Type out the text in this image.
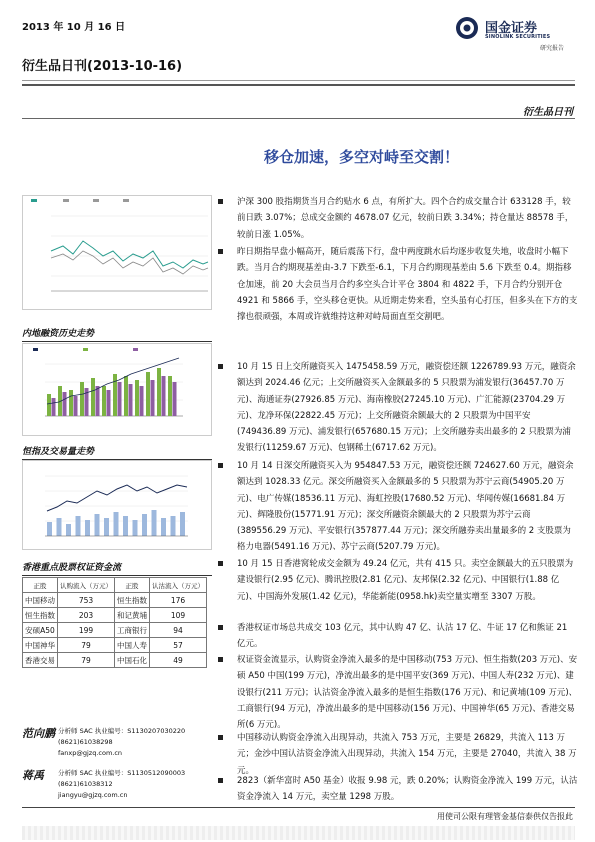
2013 年 10 月 16 日
衍生品日刊(2013-10-16)
国金证券
SINOLINK SECURITIES
研究报告
衍生品日刊
移仓加速，多空对峙至交割！
内地融资历史走势
恒指及交易量走势
香港重点股票权证资金流
正股	认购流入（万元）	正股	认沽流入（万元）
中国移动	753	恒生指数	176
恒生指数	203	和记黄埔	109
安硕A50	199	工商银行	94
中国神华	79	中国人寿	57
香港交易	79	中国石化	49
沪深 300 股指期货当月合约贴水 6 点，有所扩大。四个合约成交量合计 633128 手，较前日跌 3.07%；总成交金额约 4678.07 亿元，较前日跌 3.34%；持仓量达 88578 手，较前日涨 1.05%。
昨日期指早盘小幅高开，随后震荡下行，盘中两度跳水后均逐步收复失地，收盘时小幅下跌。当月合约期现基差由-3.7 下跌至-6.1，下月合约期现基差由 5.6 下跌至 0.4。期指移仓加速，前 20 大会员当月合约多空头合计平仓 3804 和 4822 手，下月合约分别开仓 4921 和 5866 手，空头移仓更快。从近期走势来看，空头虽有心打压，但多头在下方的支撑也很顽强，本周或许就维持这种对峙局面直至交割吧。
10 月 15 日上交所融资买入 1475458.59 万元，融资偿还额 1226789.93 万元，融资余额达到 2024.46 亿元；上交所融资买入金额最多的 5 只股票为浦发银行(36457.70 万元)、海通证券(27926.85 万元)、海南橡胶(27245.10 万元)、广汇能源(23704.29 万元)、龙净环保(22822.45 万元)；上交所融资余额最大的 2 只股票为中国平安(749436.89 万元)、浦发银行(657680.15 万元)；上交所融券卖出最多的 2 只股票为浦发银行(11259.67 万元)、包钢稀土(6717.62 万元)。
10 月 14 日深交所融资买入为 954847.53 万元，融资偿还额 724627.60 万元，融资余额达到 1028.33 亿元。深交所融资买入金额最多的 5 只股票为苏宁云商(54905.20 万元)、电广传媒(18536.11 万元)、海虹控股(17680.52 万元)、华闻传媒(16681.84 万元)、辉隆股份(15771.91 万元)；深交所融资余额最大的 2 只股票为苏宁云商(389556.29 万元)、平安银行(357877.44 万元)；深交所融券卖出量最多的 2 支股票为格力电器(5491.16 万元)、苏宁云商(5207.79 万元)。
10 月 15 日香港窝轮成交金额为 49.24 亿元，共有 415 只。卖空金额最大的五只股票为建设银行(2.95 亿元)、腾讯控股(2.81 亿元)、友邦保(2.32 亿元)、中国银行(1.88 亿元)、中国海外发展(1.42 亿元)，华能新能(0958.hk)卖空量实增至 3307 万股。
香港权证市场总共成交 103 亿元，其中认购 47 亿、认沽 17 亿、牛证 17 亿和熊证 21 亿元。
权证资金流显示，认购资金净流入最多的是中国移动(753 万元)、恒生指数(203 万元)、安硕 A50 中国(199 万元)，净流出最多的是中国平安(369 万元)、中国人寿(232 万元)、建设银行(211 万元)；认沽资金净流入最多的是恒生指数(176 万元)、和记黄埔(109 万元)、工商银行(94 万元)，净流出最多的是中国移动(156 万元)、中国神华(65 万元)、香港交易所(6 万元)。
中国移动认购资金净流入出现异动，共流入 753 万元，主要是 26829，共流入 113 万元；金沙中国认沽资金净流入出现异动，共流入 154 万元，主要是 27040，共流入 38 万元。
2823（新华富时 A50 基金）收报 9.98 元，跌 0.20%；认购资金净流入 199 万元，认沽资金净流入 14 万元，卖空量 1298 万股。
范向鹏 分析师 SAC 执业编号：S1130207030220
(8621)61038298
fanxp@gjzq.com.cn
蒋禹 分析师 SAC 执业编号：S1130512090003
(8621)61038312
jiangyu@gjzq.com.cn
用使司公限有理管金基信泰供仅告报此
